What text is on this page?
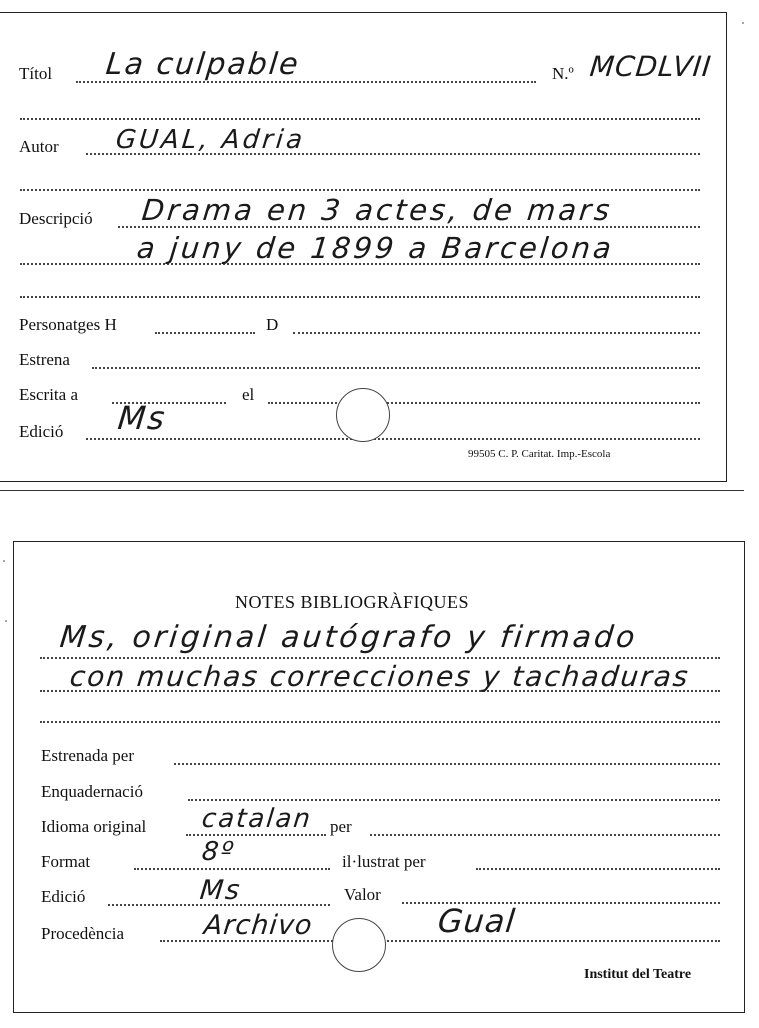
Títol La culpable	N.º MCDLVII
Autor GUAL, Adria
Descripció Drama en 3 actes, de mars
a juny de 1899 a Barcelona
Personatges H	D
Estrena
Escrita a	el
Edició Ms
99505 C. P. Caritat. Imp.-Escola
NOTES BIBLIOGRÀFIQUES
Ms, original autógrafo y firmado
con muchas correcciones y tachaduras
Estrenada per
Enquadernació
Idioma original catalan per
Format	8º	il·lustrat per
Edició	Ms	Valor
Procedència	Archivo	Gual
Institut del Teatre
